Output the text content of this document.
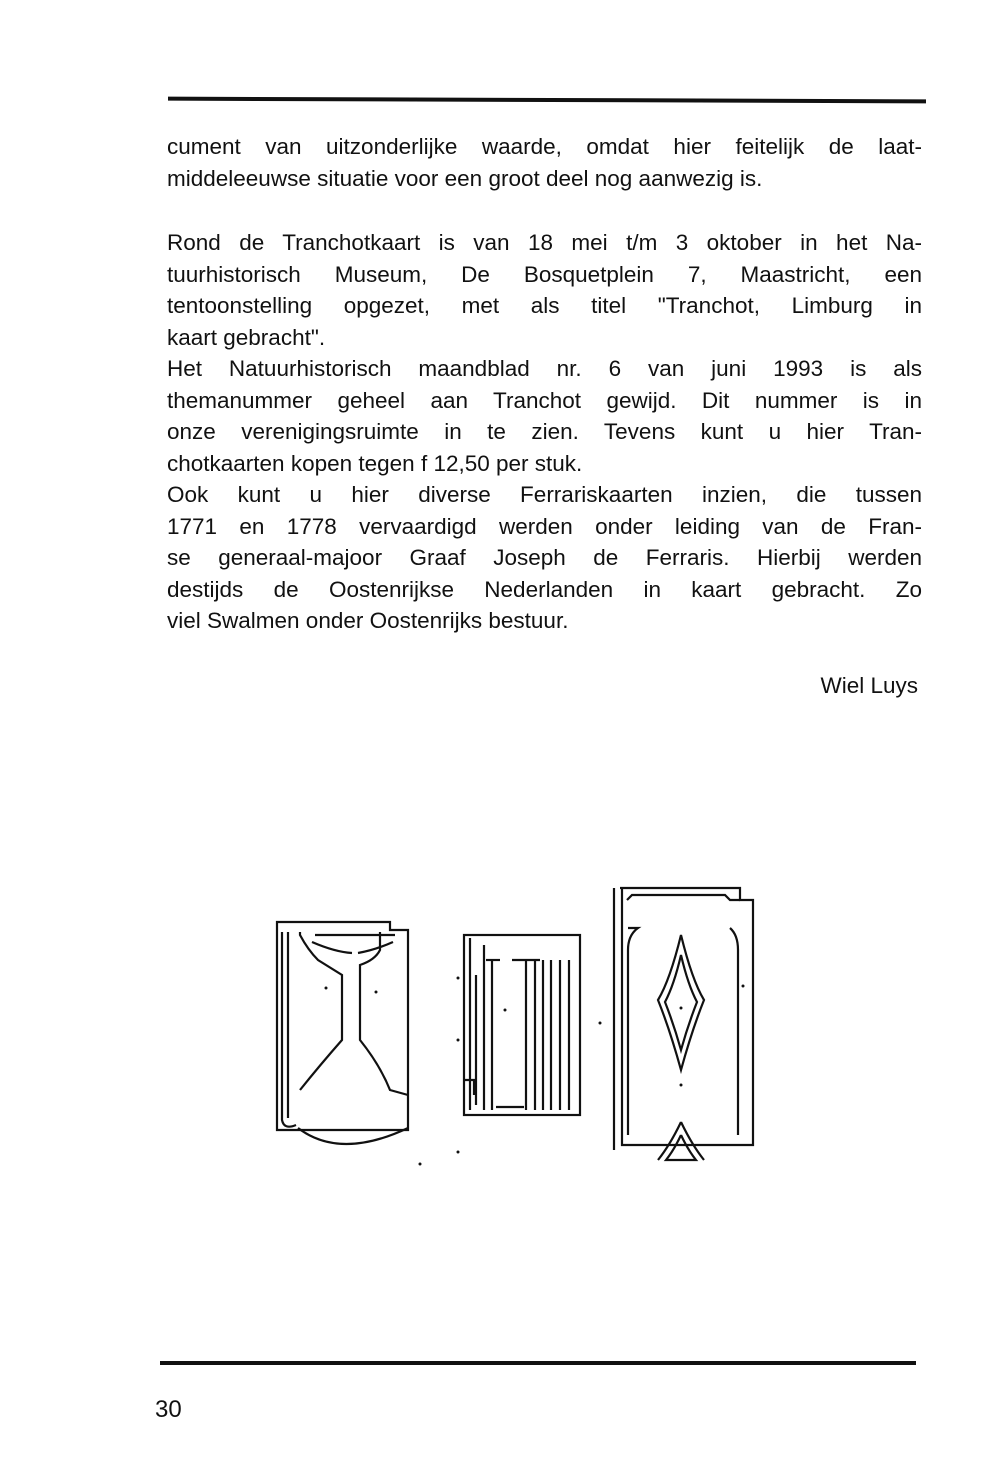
cument van uitzonderlijke waarde, omdat hier feitelijk de laat-
middeleeuwse situatie voor een groot deel nog aanwezig is.
Rond de Tranchotkaart is van 18 mei t/m 3 oktober in het Na-
tuurhistorisch Museum, De Bosquetplein 7, Maastricht, een
tentoonstelling opgezet, met als titel "Tranchot, Limburg in
kaart gebracht".
Het Natuurhistorisch maandblad nr. 6 van juni 1993 is als
themanummer geheel aan Tranchot gewijd. Dit nummer is in
onze verenigingsruimte in te zien. Tevens kunt u hier Tran-
chotkaarten kopen tegen f 12,50 per stuk.
Ook kunt u hier diverse Ferrariskaarten inzien, die tussen
1771 en 1778 vervaardigd werden onder leiding van de Fran-
se generaal-majoor Graaf Joseph de Ferraris. Hierbij werden
destijds de Oostenrijkse Nederlanden in kaart gebracht. Zo
viel Swalmen onder Oostenrijks bestuur.
Wiel Luys
30
